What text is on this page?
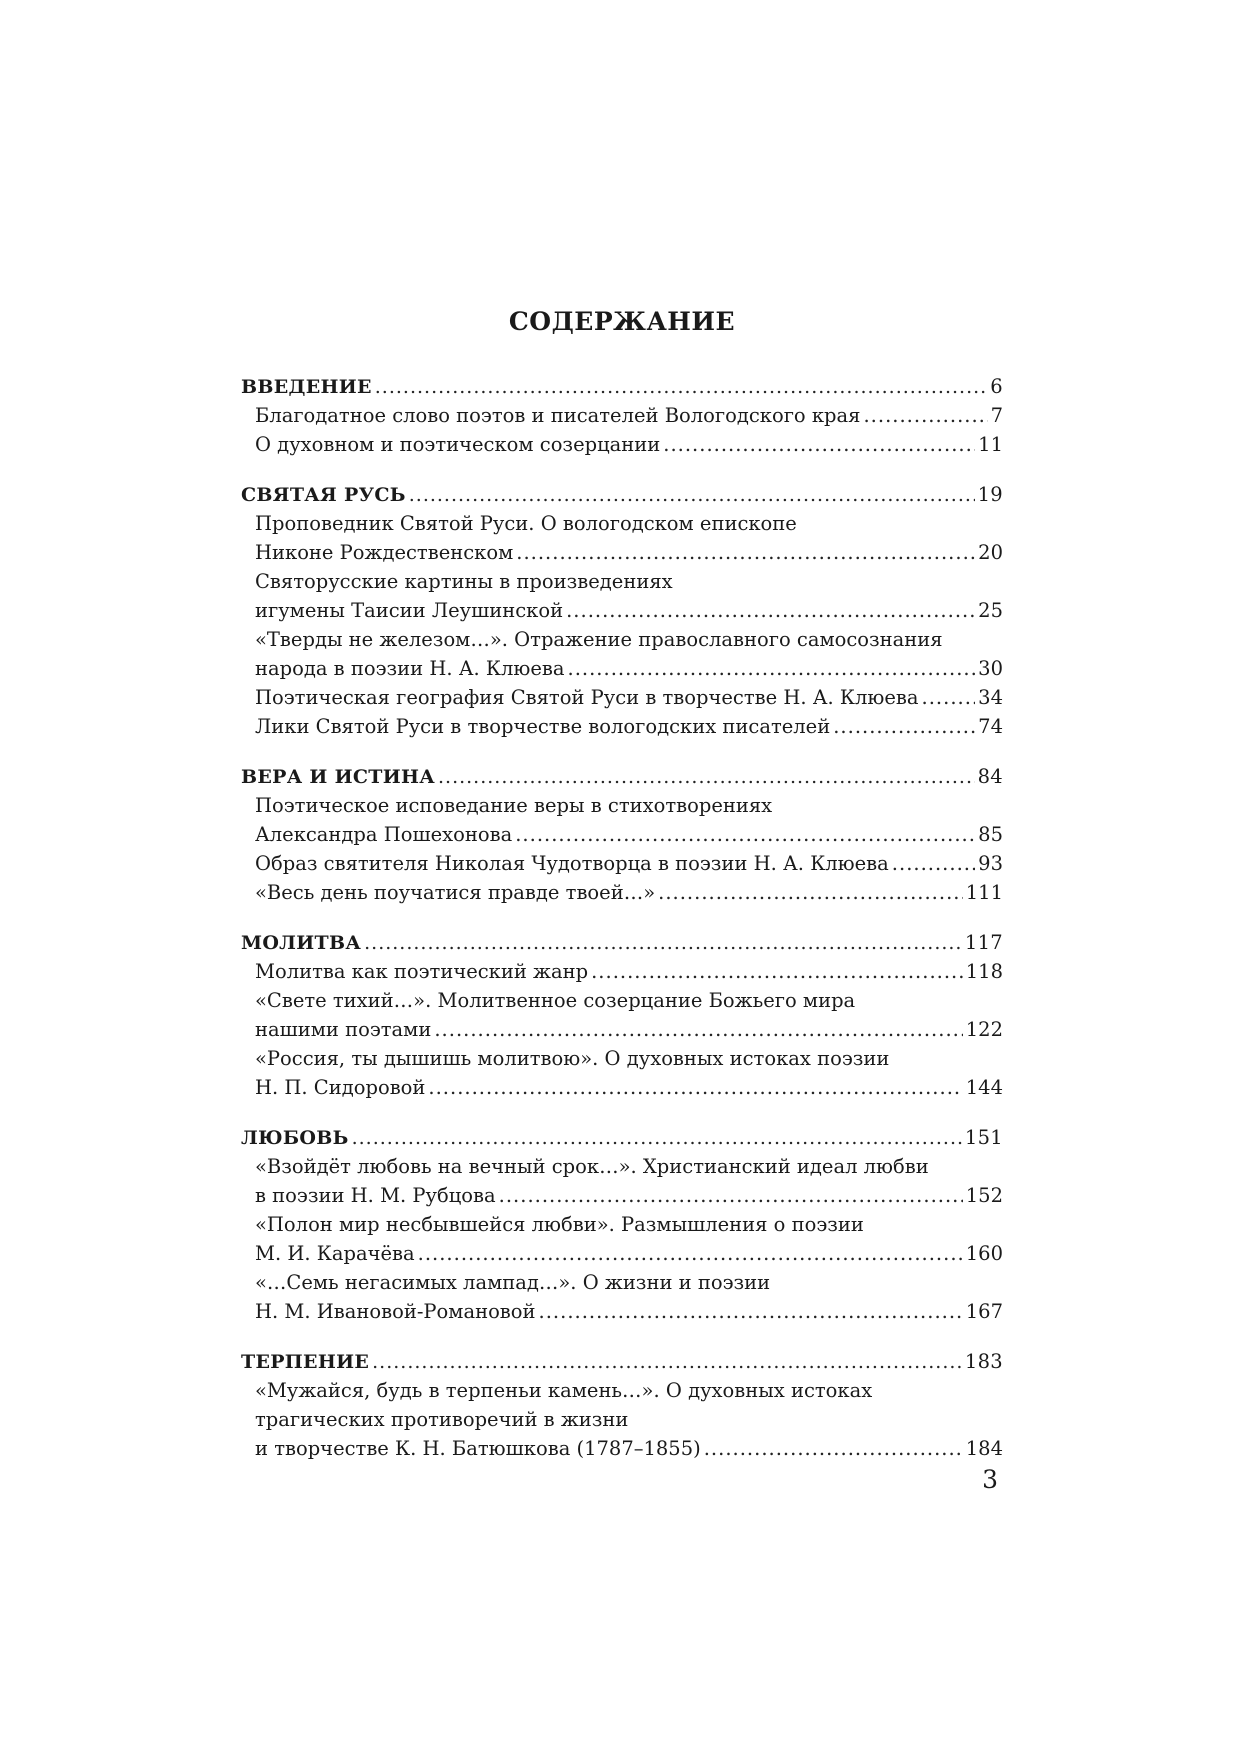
СОДЕРЖАНИЕ
ВВЕДЕНИЕ .....	6
Благодатное слово поэтов и писателей Вологодского края .....	7
О духовном и поэтическом созерцании .....	11
СВЯТАЯ РУСЬ .....	19
Проповедник Святой Руси. О вологодском епископе
Никоне Рождественском .....	20
Святорусские картины в произведениях
игумены Таисии Леушинской .....	25
«Тверды не железом…». Отражение православного самосознания
народа в поэзии Н. А. Клюева .....	30
Поэтическая география Святой Руси в творчестве Н. А. Клюева .....	34
Лики Святой Руси в творчестве вологодских писателей .....	74
ВЕРА И ИСТИНА .....	84
Поэтическое исповедание веры в стихотворениях
Александра Пошехонова .....	85
Образ святителя Николая Чудотворца в поэзии Н. А. Клюева .....	93
«Весь день поучатися правде твоей…» .....	111
МОЛИТВА .....	117
Молитва как поэтический жанр .....	118
«Свете тихий…». Молитвенное созерцание Божьего мира
нашими поэтами .....	122
«Россия, ты дышишь молитвою». О духовных истоках поэзии
Н. П. Сидоровой .....	144
ЛЮБОВЬ .....	151
«Взойдёт любовь на вечный срок…». Христианский идеал любви
в поэзии Н. М. Рубцова .....	152
«Полон мир несбывшейся любви». Размышления о поэзии
М. И. Карачёва .....	160
«…Семь негасимых лампад…». О жизни и поэзии
Н. М. Ивановой-Романовой .....	167
ТЕРПЕНИЕ .....	183
«Мужайся, будь в терпеньи камень…». О духовных истоках
трагических противоречий в жизни
и творчестве К. Н. Батюшкова (1787–1855) .....	184
3
